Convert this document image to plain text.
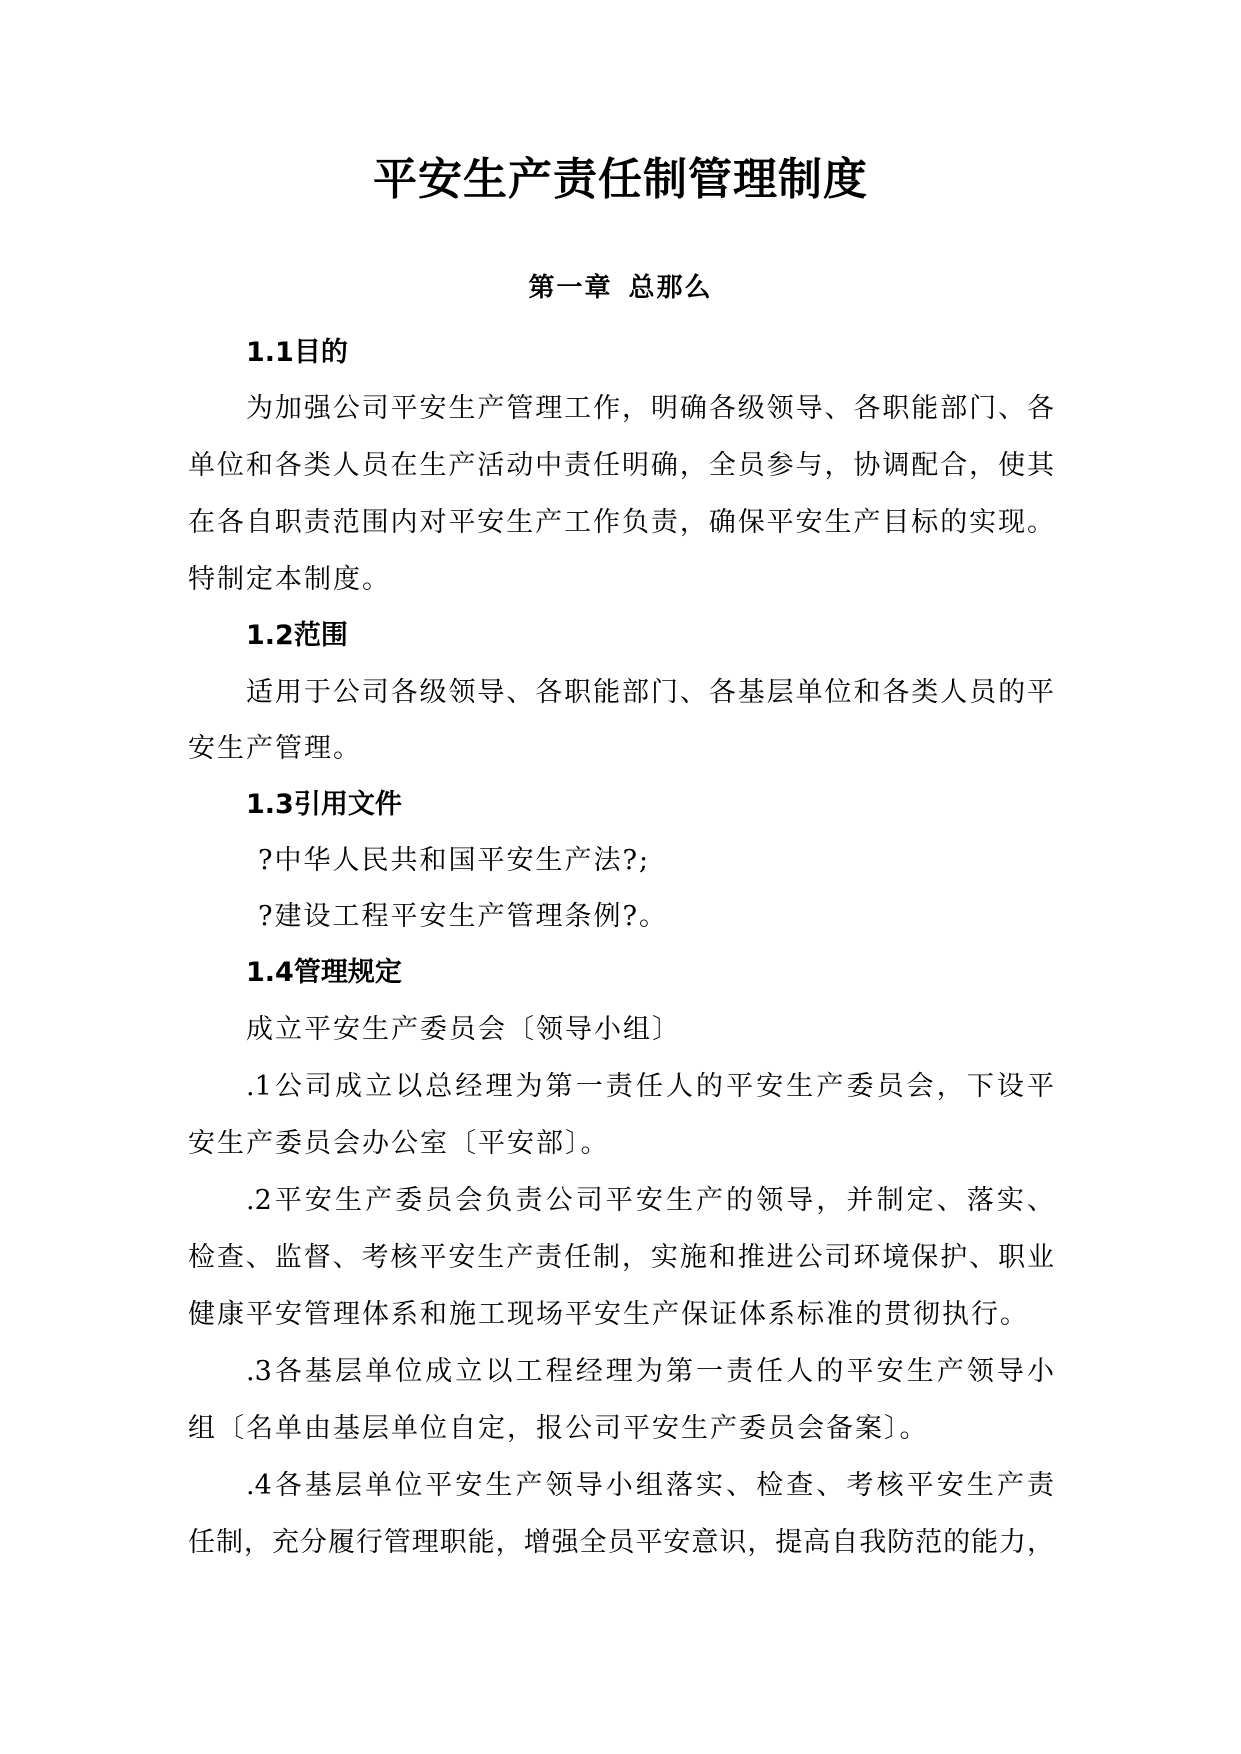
平安生产责任制管理制度
第一章 总那么
1.1目的
为加强公司平安生产管理工作，明确各级领导、各职能部门、各
单位和各类人员在生产活动中责任明确，全员参与，协调配合，使其
在各自职责范围内对平安生产工作负责，确保平安生产目标的实现。
特制定本制度。
1.2范围
适用于公司各级领导、各职能部门、各基层单位和各类人员的平
安生产管理。
1.3引用文件
?中华人民共和国平安生产法?;
?建设工程平安生产管理条例?。
1.4管理规定
成立平安生产委员会〔领导小组〕
.1公司成立以总经理为第一责任人的平安生产委员会，下设平
安生产委员会办公室〔平安部〕。
.2平安生产委员会负责公司平安生产的领导，并制定、落实、
检查、监督、考核平安生产责任制，实施和推进公司环境保护、职业
健康平安管理体系和施工现场平安生产保证体系标准的贯彻执行。
.3各基层单位成立以工程经理为第一责任人的平安生产领导小
组〔名单由基层单位自定，报公司平安生产委员会备案〕。
.4各基层单位平安生产领导小组落实、检查、考核平安生产责
任制，充分履行管理职能，增强全员平安意识，提高自我防范的能力，
